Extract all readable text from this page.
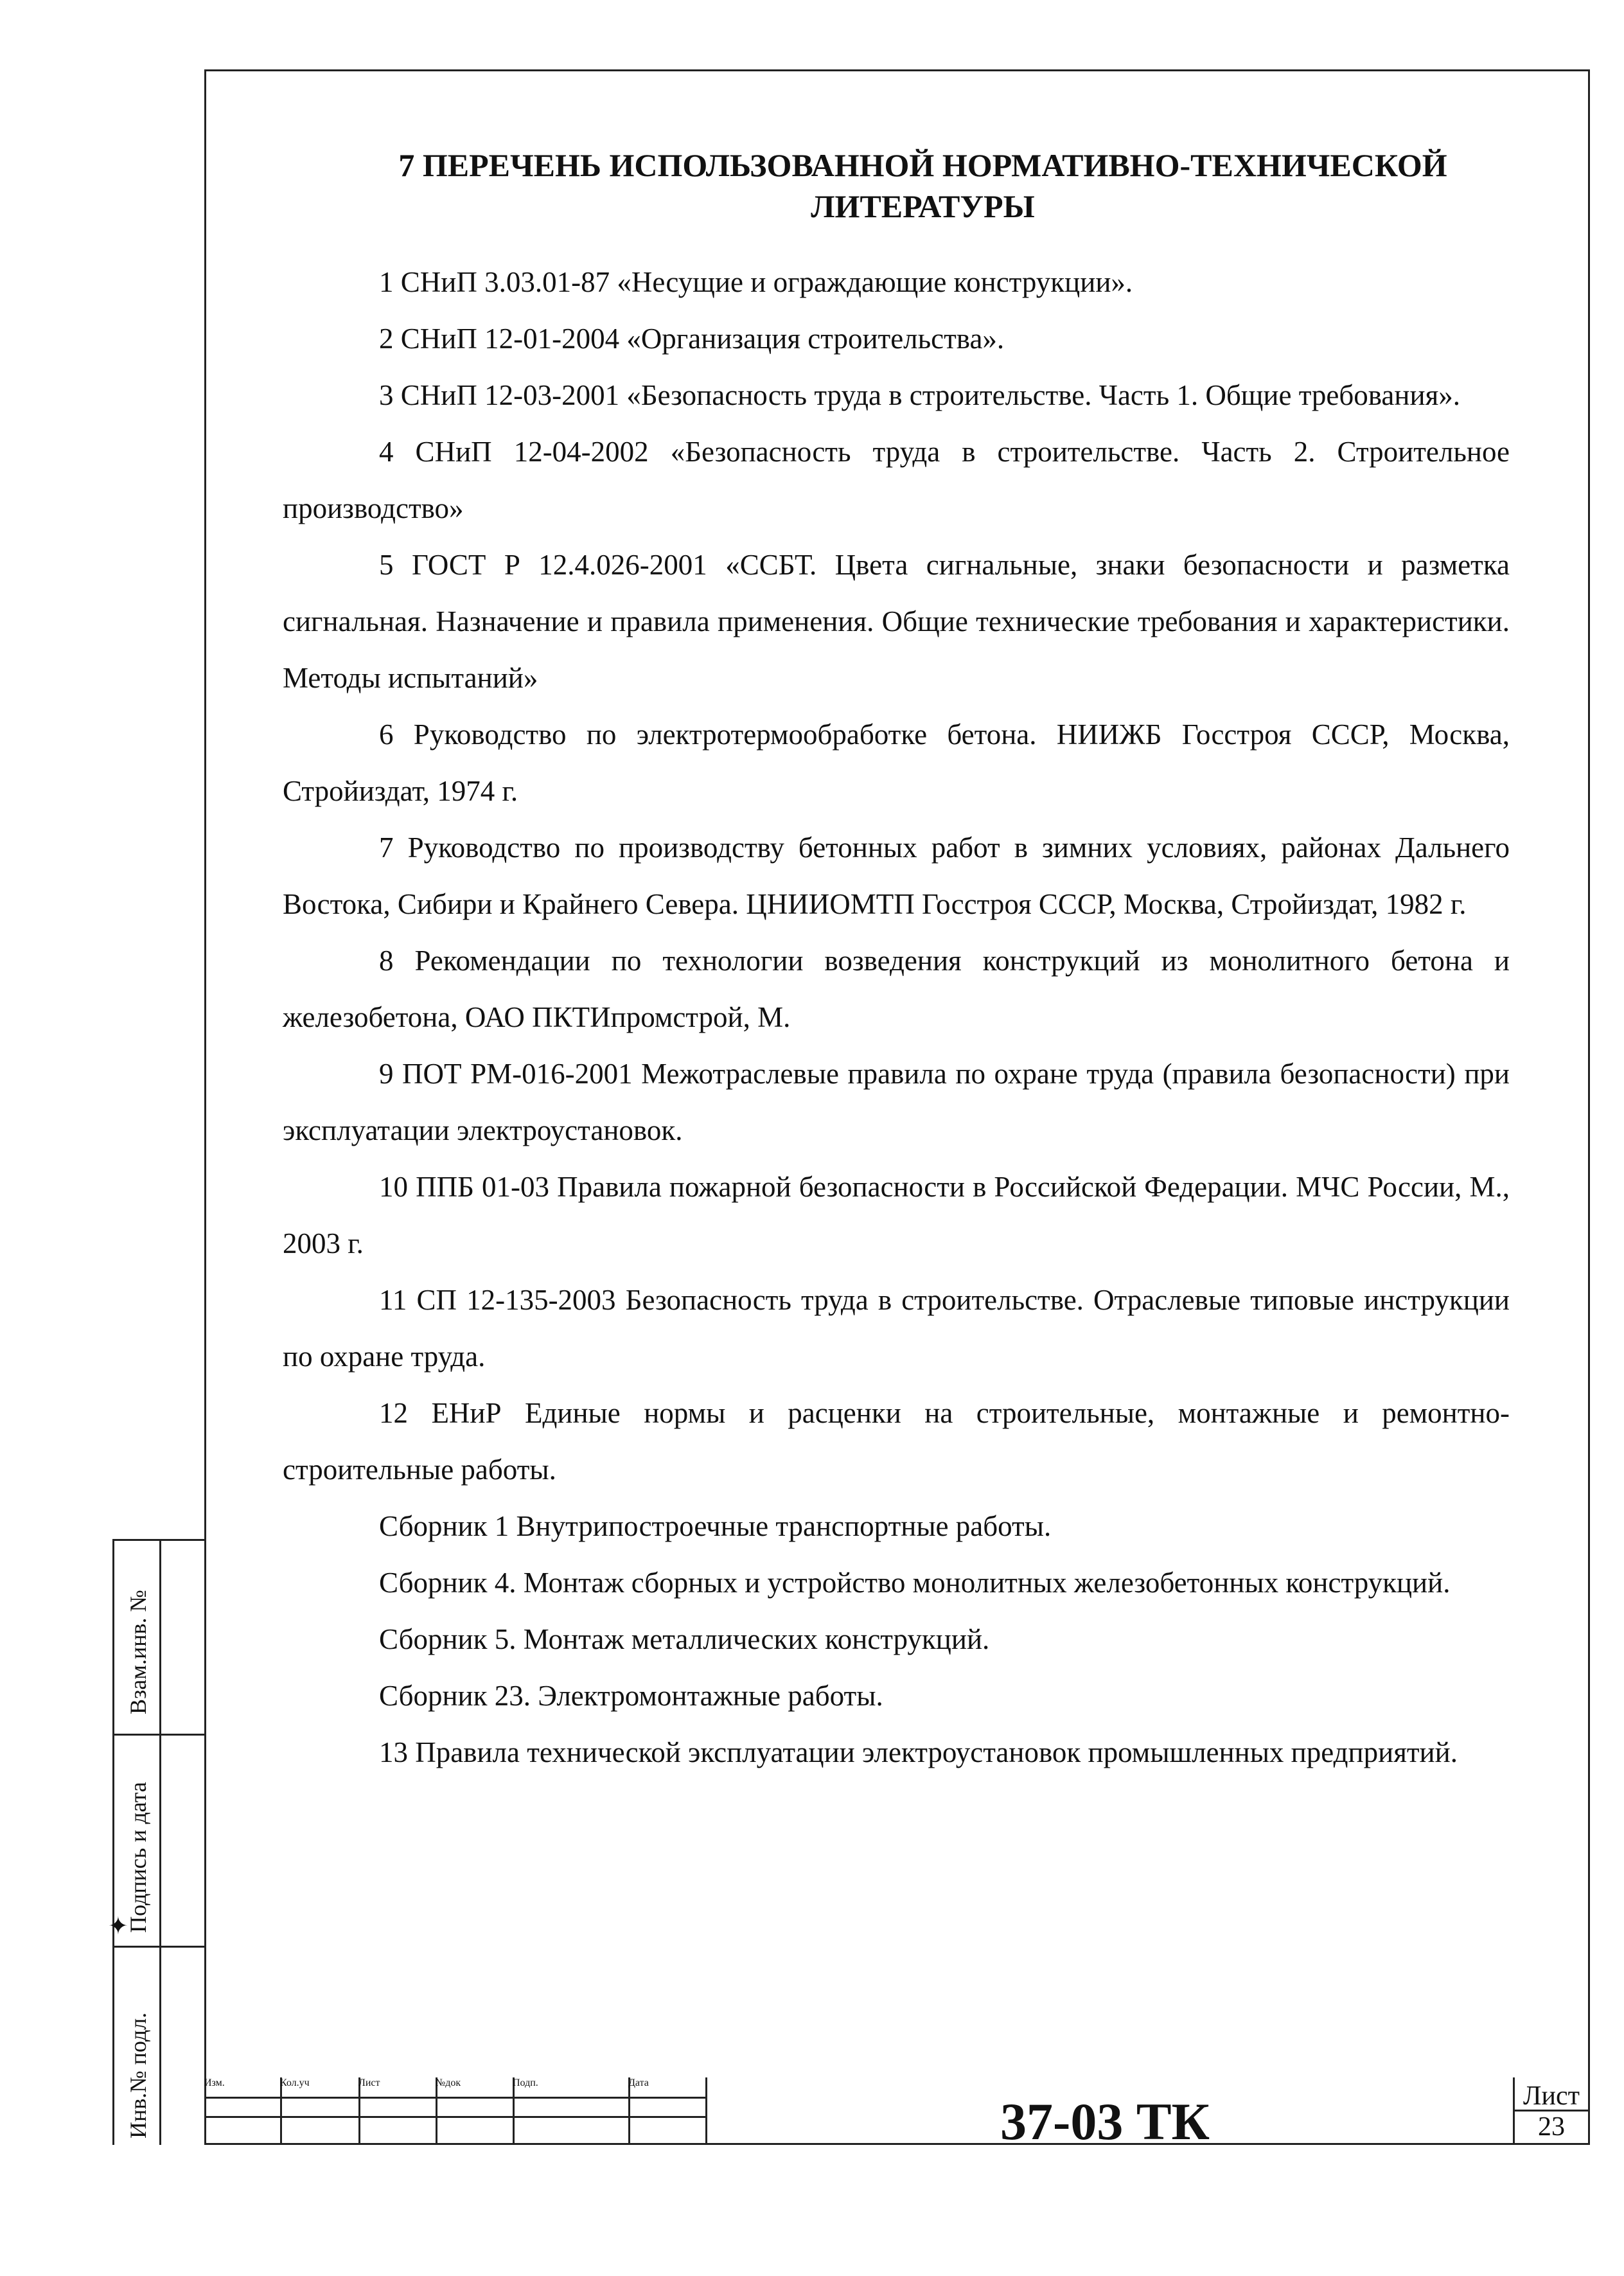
7 ПЕРЕЧЕНЬ ИСПОЛЬЗОВАННОЙ НОРМАТИВНО-ТЕХНИЧЕСКОЙ
ЛИТЕРАТУРЫ

1 СНиП 3.03.01-87 «Несущие и ограждающие конструкции».

2 СНиП 12-01-2004 «Организация строительства».

3 СНиП 12-03-2001 «Безопасность труда в строительстве. Часть 1. Общие требования».

4 СНиП 12-04-2002 «Безопасность труда в строительстве. Часть 2. Строительное производство»

5 ГОСТ Р 12.4.026-2001 «ССБТ. Цвета сигнальные, знаки безопасности и разметка сигнальная. Назначение и правила применения. Общие технические требования и характеристики. Методы испытаний»

6 Руководство по электротермообработке бетона. НИИЖБ Госстроя СССР, Москва, Стройиздат, 1974 г.

7 Руководство по производству бетонных работ в зимних условиях, районах Дальнего Востока, Сибири и Крайнего Севера. ЦНИИОМТП Госстроя СССР, Москва, Стройиздат, 1982 г.

8 Рекомендации по технологии возведения конструкций из монолитного бетона и железобетона, ОАО ПКТИпромстрой, М.

9 ПОТ РМ-016-2001 Межотраслевые правила по охране труда (правила безопасности) при эксплуатации электроустановок.

10 ППБ 01-03 Правила пожарной безопасности в Российской Федерации. МЧС России, М., 2003 г.

11 СП 12-135-2003 Безопасность труда в строительстве. Отраслевые типовые инструкции по охране труда.

12 ЕНиР Единые нормы и расценки на строительные, монтажные и ремонтно-строительные работы.

Сборник 1 Внутрипостроечные транспортные работы.

Сборник 4. Монтаж сборных и устройство монолитных железобетонных конструкций.

Сборник 5. Монтаж металлических конструкций.

Сборник 23. Электромонтажные работы.

13 Правила технической эксплуатации электроустановок промышленных предприятий.

Взам.инв. №
Подпись и дата
Инв.№ подл.
✦
Изм.	Кол.уч	Лист	№док	Подп.	Дата
37-03 ТК	Лист
23
